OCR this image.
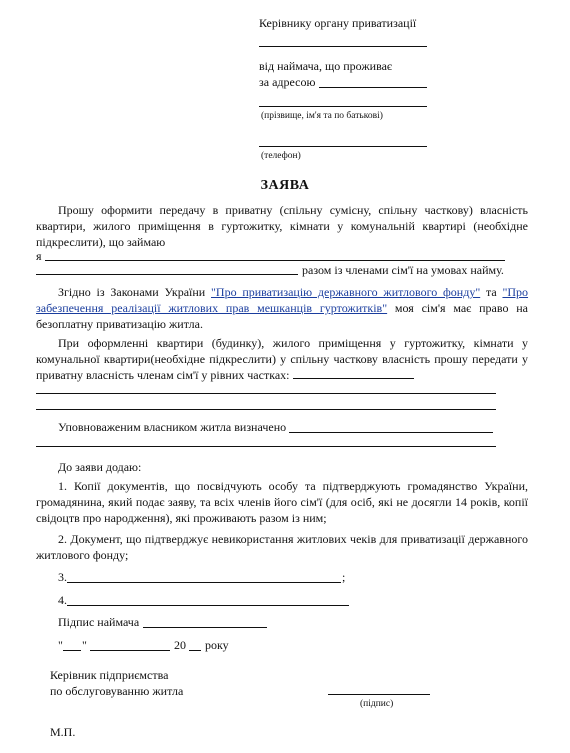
Керівнику органу приватизації
від наймача, що проживає
за адресою
(прізвище, ім'я та по батькові)
(телефон)
ЗАЯВА

Прошу оформити передачу в приватну (спільну сумісну, спільну часткову) власність квартири, жилого приміщення в гуртожитку, кімнати у комунальній квартирі (необхідне підкреслити), що займаю

я
разом із членами сім'ї на умовах найму.

Згідно із Законами України "Про приватизацію державного житлового фонду" та "Про забезпечення реалізації житлових прав мешканців гуртожитків" моя сім'я має право на безоплатну приватизацію житла.

При оформленні квартири (будинку), жилого приміщення у гуртожитку, кімнати у комунальної квартири(необхідне підкреслити) у спільну часткову власність прошу передати у приватну власність членам сім'ї у рівних частках:

Уповноваженим власником житла визначено
До заяви додаю:

1. Копії документів, що посвідчують особу та підтверджують громадянство України, громадянина, який подає заяву, та всіх членів його сім'ї (для осіб, які не досягли 14 років, копії свідоцтв про народження), які проживають разом із ним;

2. Документ, що підтверджує невикористання житлових чеків для приватизації державного житлового фонду;

3.	;
4.
Підпис наймача
" "	20 року
Керівник підприємства
по обслуговуванню житла
(підпис)
М.П.
